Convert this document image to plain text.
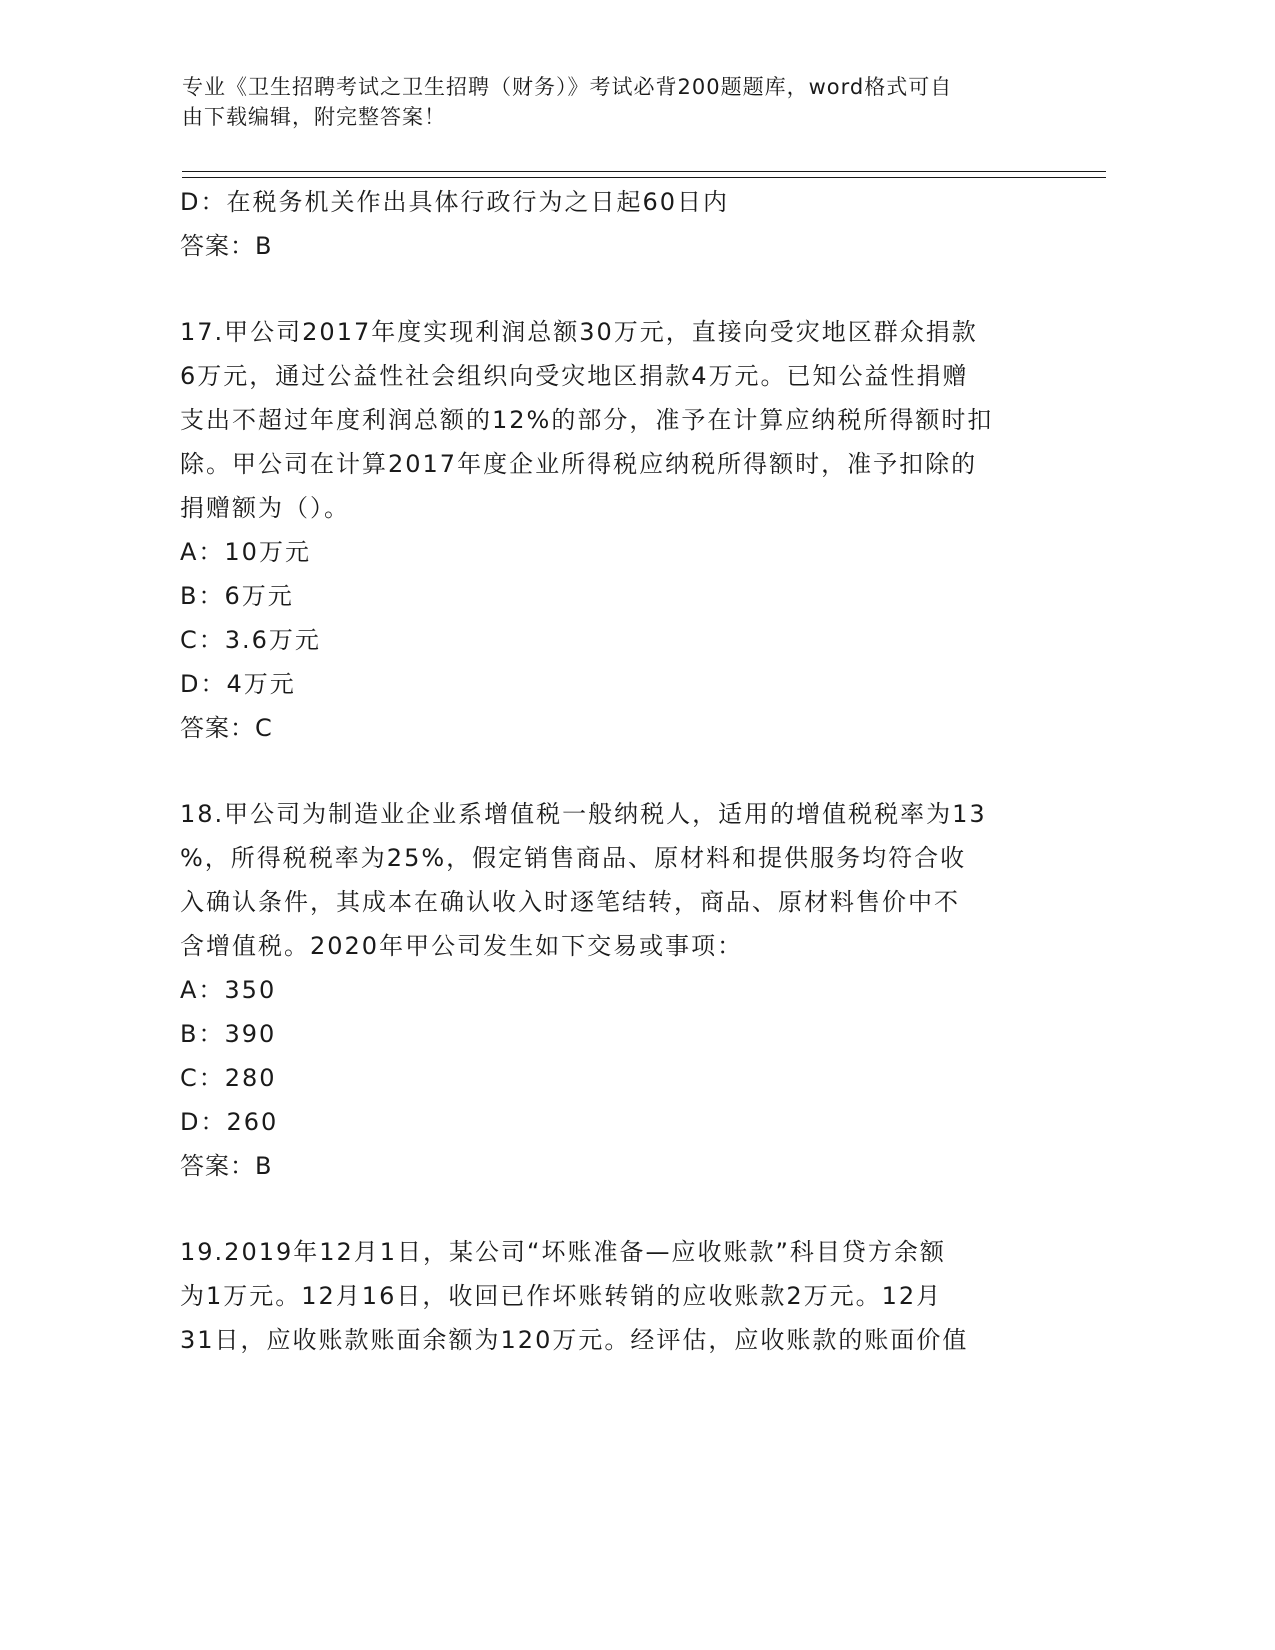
专业《卫生招聘考试之卫生招聘（财务）》考试必背200题题库，word格式可自
由下载编辑，附完整答案！
D：在税务机关作出具体行政行为之日起60日内
答案：B
17.甲公司2017年度实现利润总额30万元，直接向受灾地区群众捐款
6万元，通过公益性社会组织向受灾地区捐款4万元。已知公益性捐赠
支出不超过年度利润总额的12%的部分，准予在计算应纳税所得额时扣
除。甲公司在计算2017年度企业所得税应纳税所得额时，准予扣除的
捐赠额为（）。
A：10万元
B：6万元
C：3.6万元
D：4万元
答案：C
18.甲公司为制造业企业系增值税一般纳税人，适用的增值税税率为13
%，所得税税率为25%，假定销售商品、原材料和提供服务均符合收
入确认条件，其成本在确认收入时逐笔结转，商品、原材料售价中不
含增值税。2020年甲公司发生如下交易或事项：
A：350
B：390
C：280
D：260
答案：B
19.2019年12月1日，某公司“坏账准备—应收账款”科目贷方余额
为1万元。12月16日，收回已作坏账转销的应收账款2万元。12月
31日，应收账款账面余额为120万元。经评估，应收账款的账面价值
